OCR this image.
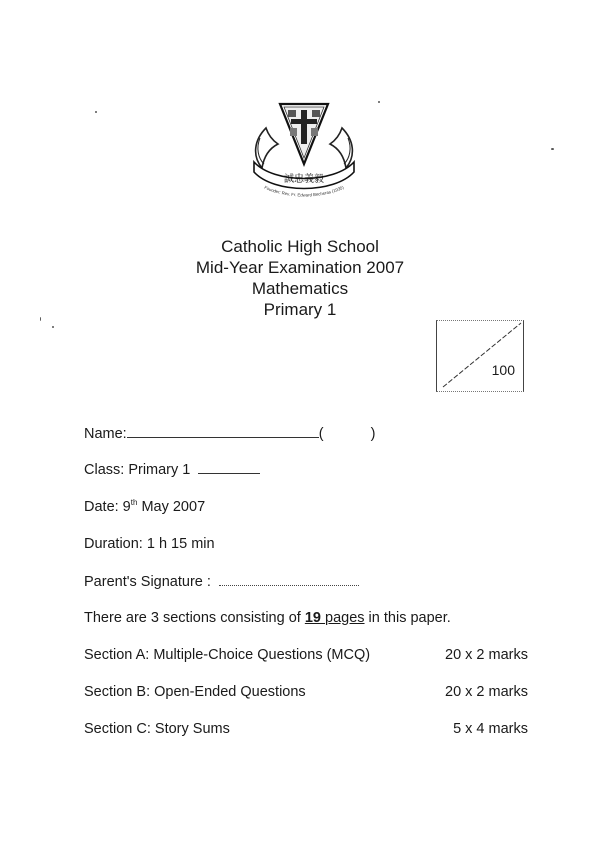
誠忠義毅
Founder: Rev. Fr. Edward Becheras (1935)
Catholic High School
Mid-Year Examination 2007
Mathematics
Primary 1
100
Name:	(	)
Class: Primary 1
Date: 9th May 2007
Duration: 1 h 15 min
Parent's Signature :
There are 3 sections consisting of 19 pages in this paper.
Section A: Multiple-Choice Questions (MCQ)	20 x 2 marks
Section B: Open-Ended Questions	20 x 2 marks
Section C: Story Sums	5 x 4 marks
